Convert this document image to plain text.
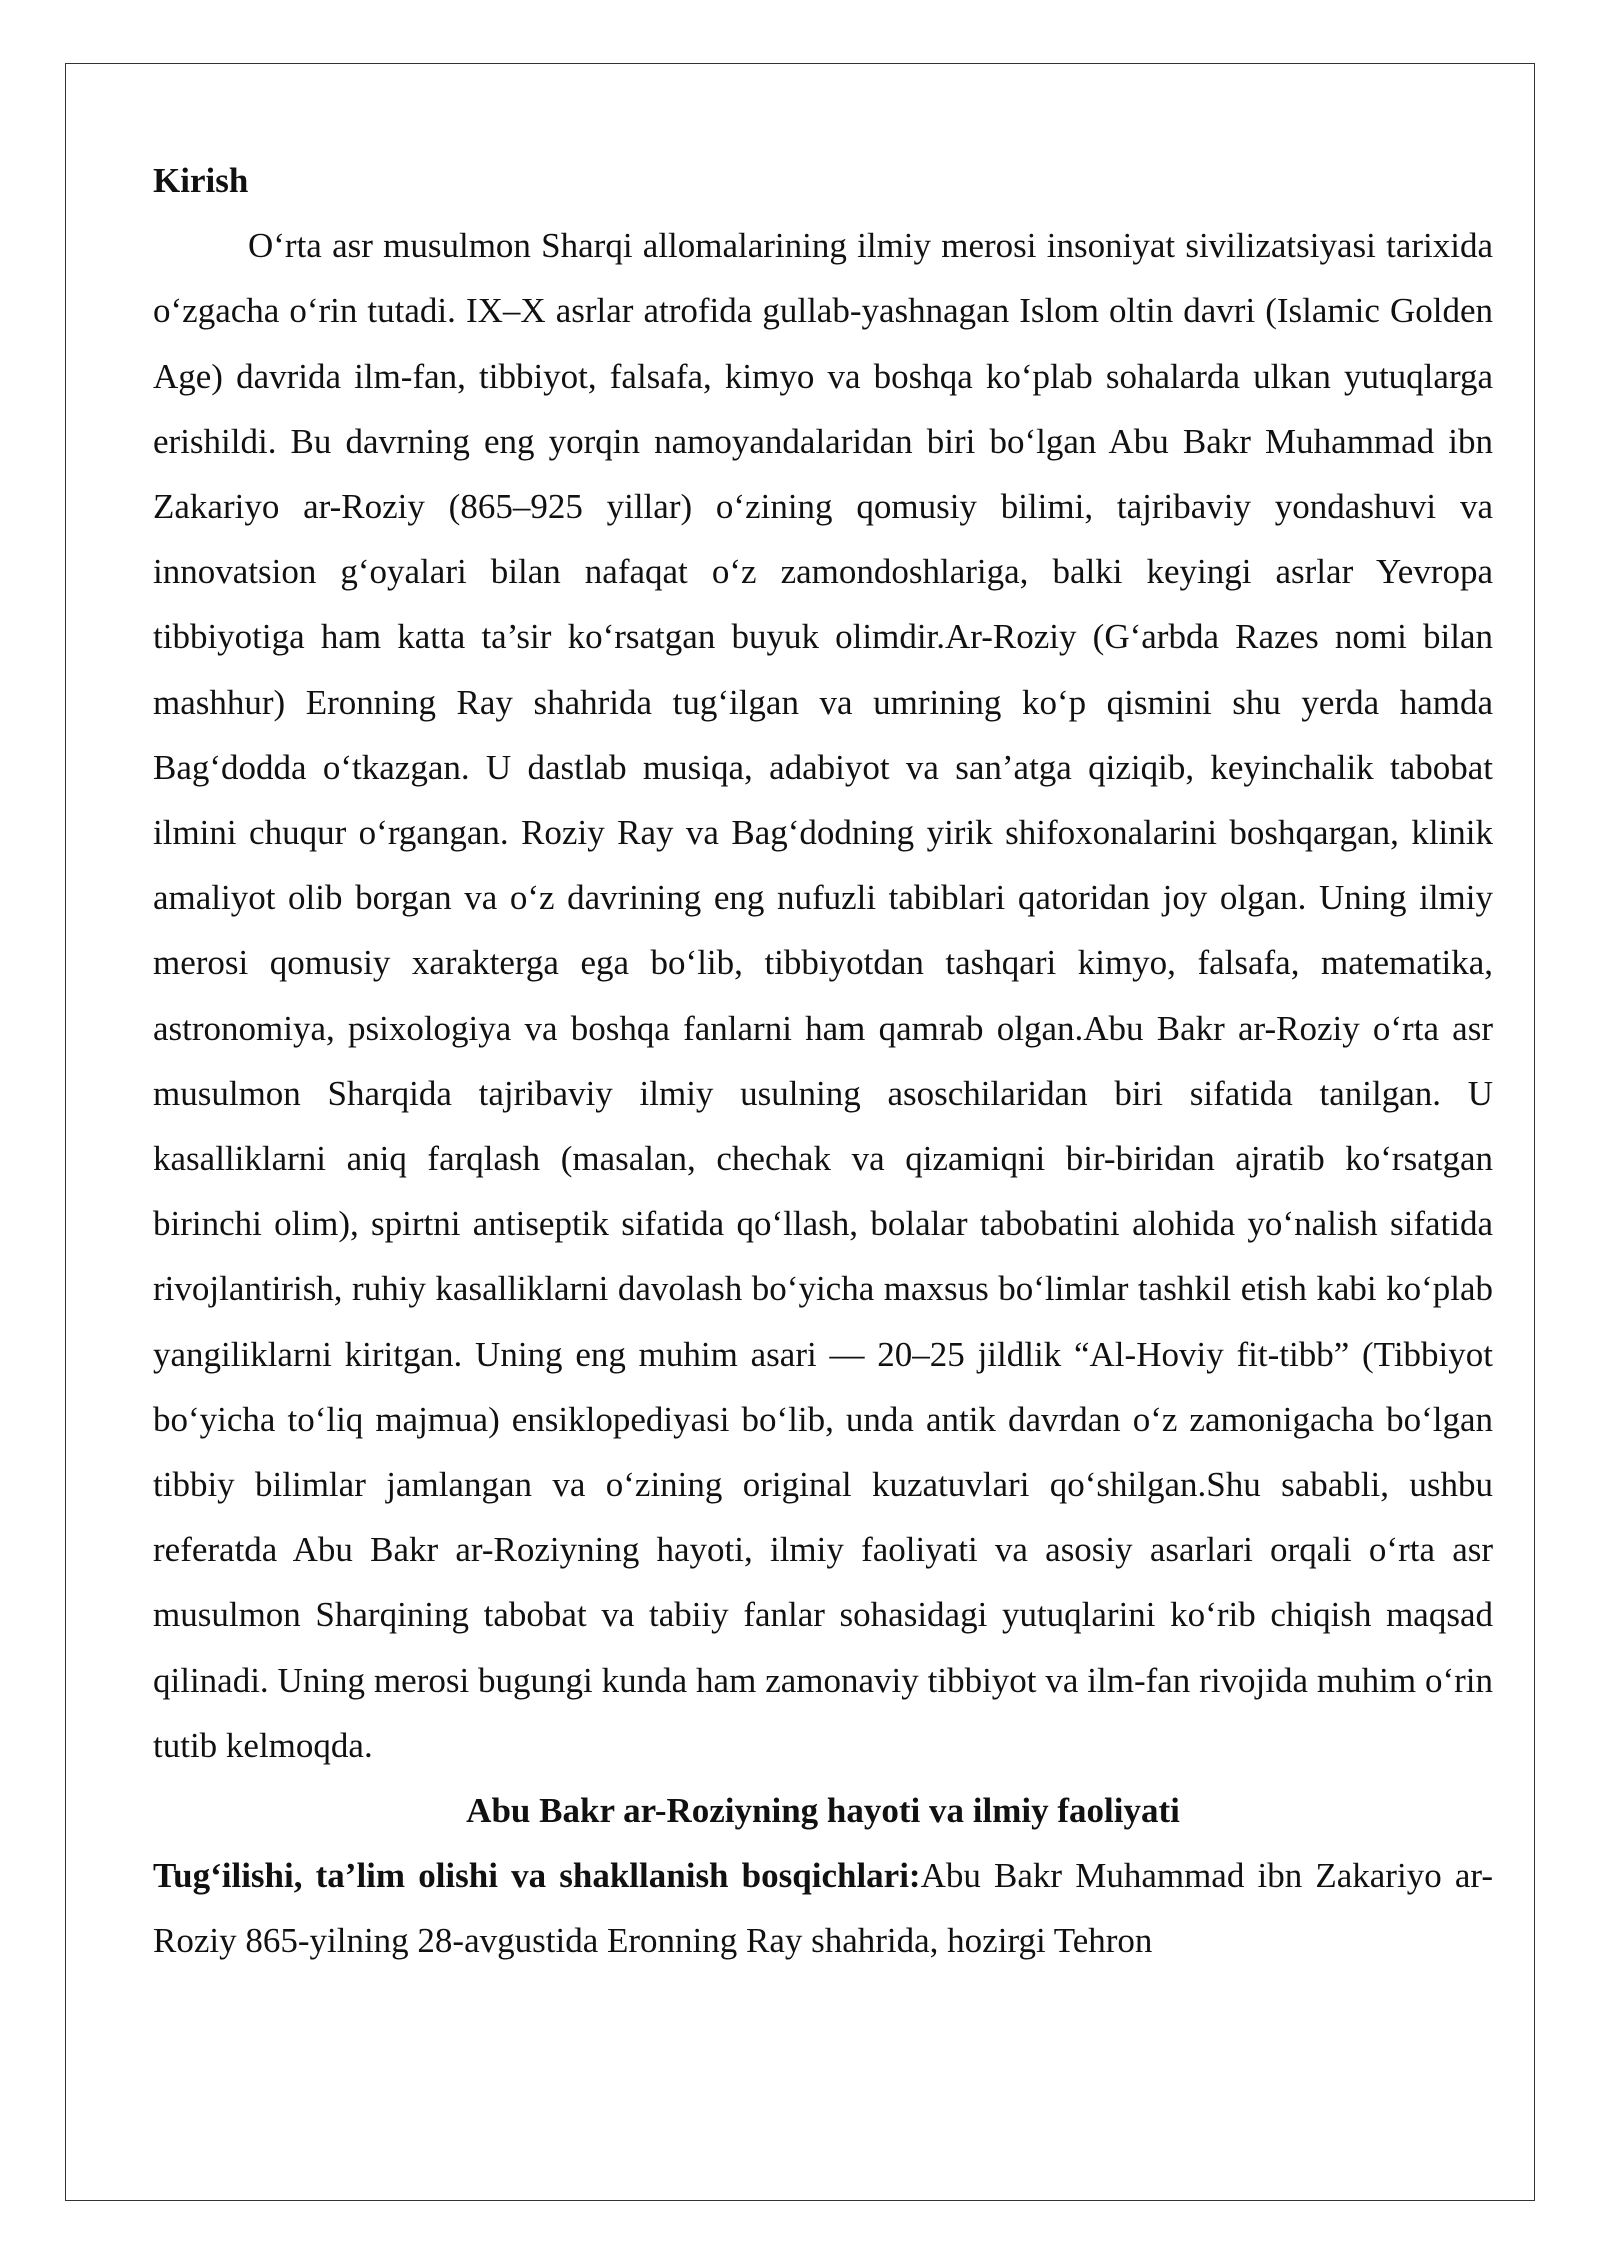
Kirish

O‘rta asr musulmon Sharqi allomalarining ilmiy merosi insoniyat sivilizatsiyasi tarixida o‘zgacha o‘rin tutadi. IX–X asrlar atrofida gullab-yashnagan Islom oltin davri (Islamic Golden Age) davrida ilm-fan, tibbiyot, falsafa, kimyo va boshqa ko‘plab sohalarda ulkan yutuqlarga erishildi. Bu davrning eng yorqin namoyandalaridan biri bo‘lgan Abu Bakr Muhammad ibn Zakariyo ar-Roziy (865–925 yillar) o‘zining qomusiy bilimi, tajribaviy yondashuvi va innovatsion g‘oyalari bilan nafaqat o‘z zamondoshlariga, balki keyingi asrlar Yevropa tibbiyotiga ham katta ta’sir ko‘rsatgan buyuk olimdir.Ar-Roziy (G‘arbda Razes nomi bilan mashhur) Eronning Ray shahrida tug‘ilgan va umrining ko‘p qismini shu yerda hamda Bag‘dodda o‘tkazgan. U dastlab musiqa, adabiyot va san’atga qiziqib, keyinchalik tabobat ilmini chuqur o‘rgangan. Roziy Ray va Bag‘dodning yirik shifoxonalarini boshqargan, klinik amaliyot olib borgan va o‘z davrining eng nufuzli tabiblari qatoridan joy olgan. Uning ilmiy merosi qomusiy xarakterga ega bo‘lib, tibbiyotdan tashqari kimyo, falsafa, matematika, astronomiya, psixologiya va boshqa fanlarni ham qamrab olgan.Abu Bakr ar-Roziy o‘rta asr musulmon Sharqida tajribaviy ilmiy usulning asoschilaridan biri sifatida tanilgan. U kasalliklarni aniq farqlash (masalan, chechak va qizamiqni bir-biridan ajratib ko‘rsatgan birinchi olim), spirtni antiseptik sifatida qo‘llash, bolalar tabobatini alohida yo‘nalish sifatida rivojlantirish, ruhiy kasalliklarni davolash bo‘yicha maxsus bo‘limlar tashkil etish kabi ko‘plab yangiliklarni kiritgan. Uning eng muhim asari — 20–25 jildlik “Al-Hoviy fit-tibb” (Tibbiyot bo‘yicha to‘liq majmua) ensiklopediyasi bo‘lib, unda antik davrdan o‘z zamonigacha bo‘lgan tibbiy bilimlar jamlangan va o‘zining original kuzatuvlari qo‘shilgan.Shu sababli, ushbu referatda Abu Bakr ar-Roziyning hayoti, ilmiy faoliyati va asosiy asarlari orqali o‘rta asr musulmon Sharqining tabobat va tabiiy fanlar sohasidagi yutuqlarini ko‘rib chiqish maqsad qilinadi. Uning merosi bugungi kunda ham zamonaviy tibbiyot va ilm-fan rivojida muhim o‘rin tutib kelmoqda.

Abu Bakr ar-Roziyning hayoti va ilmiy faoliyati

Tug‘ilishi, ta’lim olishi va shakllanish bosqichlari:Abu Bakr Muhammad ibn Zakariyo ar-Roziy 865-yilning 28-avgustida Eronning Ray shahrida, hozirgi Tehron
